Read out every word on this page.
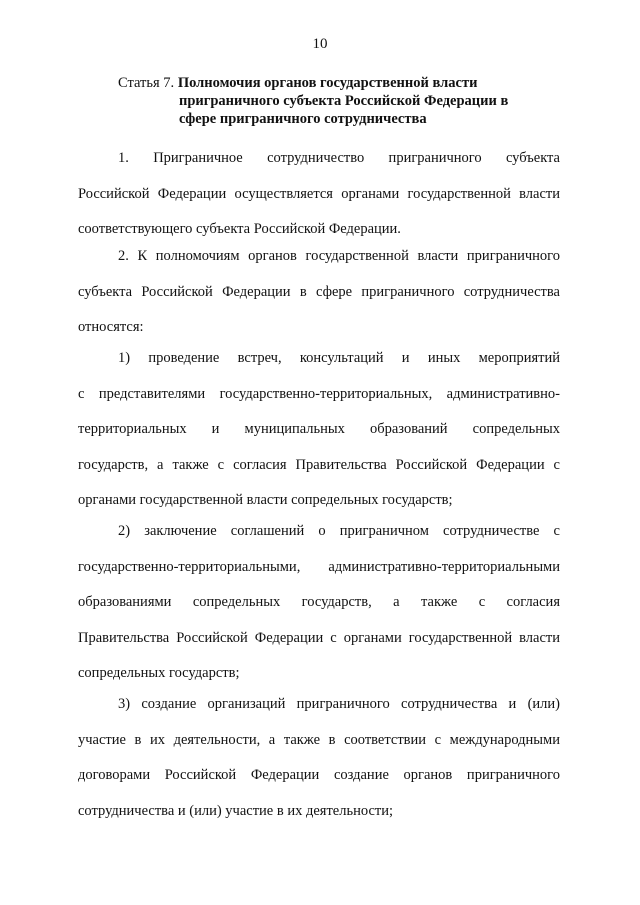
10
Статья 7. Полномочия органов государственной власти
приграничного субъекта Российской Федерации в
сфере приграничного сотрудничества
1. Приграничное сотрудничество приграничного субъекта
Российской Федерации осуществляется органами государственной власти
соответствующего субъекта Российской Федерации.
2. К полномочиям органов государственной власти приграничного
субъекта Российской Федерации в сфере приграничного сотрудничества
относятся:
1) проведение встреч, консультаций и иных мероприятий
с представителями государственно-территориальных, административно-
территориальных и муниципальных образований сопредельных
государств, а также с согласия Правительства Российской Федерации с
органами государственной власти сопредельных государств;
2) заключение соглашений о приграничном сотрудничестве с
государственно-территориальными, административно-территориальными
образованиями сопредельных государств, а также с согласия
Правительства Российской Федерации с органами государственной власти
сопредельных государств;
3) создание организаций приграничного сотрудничества и (или)
участие в их деятельности, а также в соответствии с международными
договорами Российской Федерации создание органов приграничного
сотрудничества и (или) участие в их деятельности;
